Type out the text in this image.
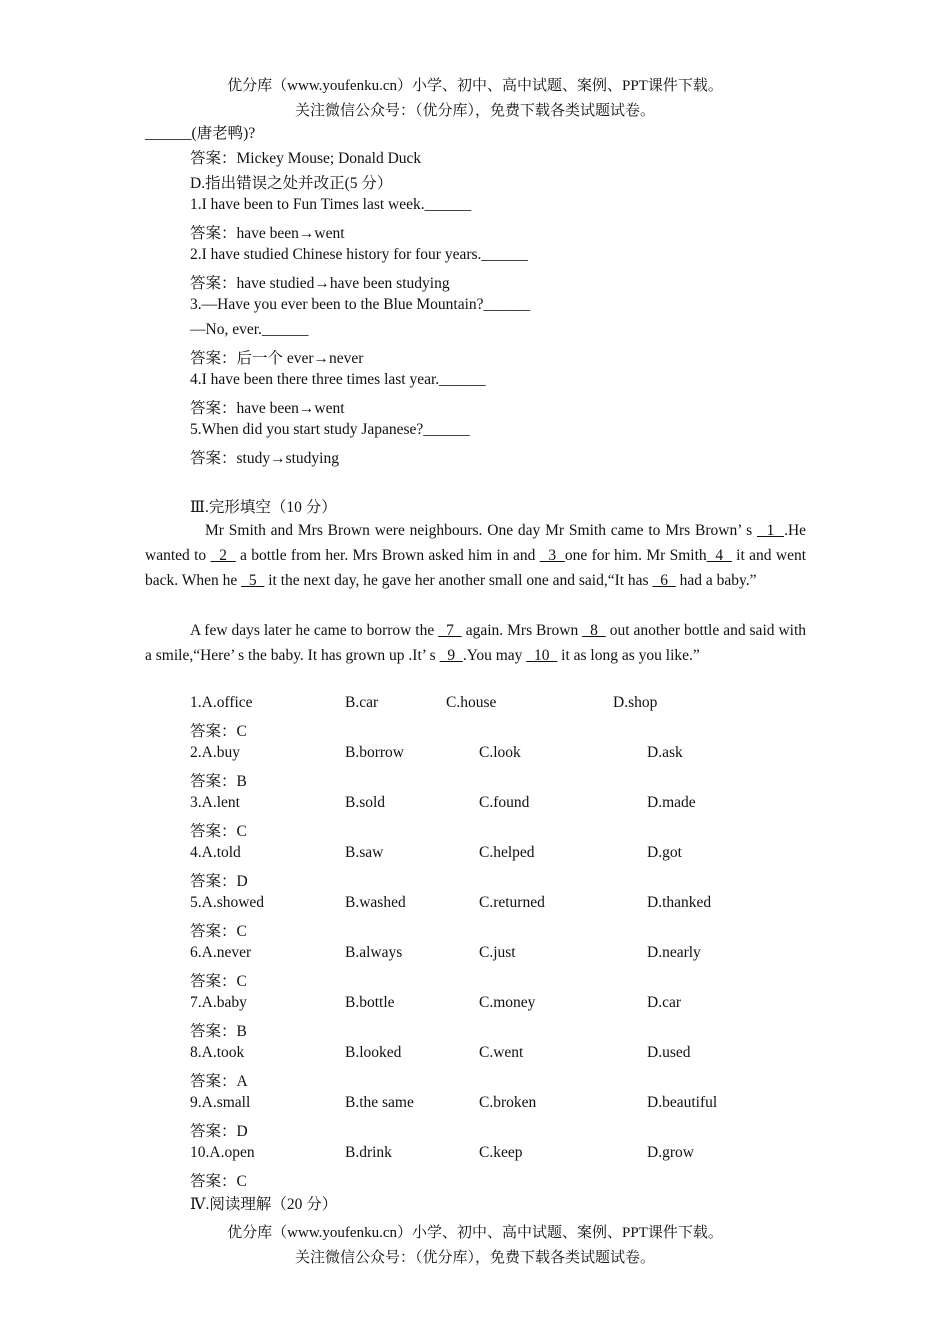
优分库（www.youfenku.cn）小学、初中、高中试题、案例、PPT课件下载。
关注微信公众号：（优分库），免费下载各类试题试卷。
______(唐老鸭)?
答案：Mickey Mouse; Donald Duck
D.指出错误之处并改正(5 分）
1.I have been to Fun Times last week.______
答案：have been→went
2.I have studied Chinese history for four years.______
答案：have studied→have been studying
3.—Have you ever been to the Blue Mountain?______
—No, ever.______
答案：后一个 ever→never
4.I have been there three times last year.______
答案：have been→went
5.When did you start study Japanese?______
答案：study→studying
Ⅲ.完形填空（10 分）
Mr Smith and Mrs Brown were neighbours. One day Mr Smith came to Mrs Brown’ s   1  .He wanted to   2   a bottle from her. Mrs Brown asked him in and   3  one for him. Mr Smith  4   it and went back. When he   5   it the next day, he gave her another small one and said,“It has   6   had a baby.”
A few days later he came to borrow the   7   again. Mrs Brown   8   out another bottle and said with a smile,“Here’ s the baby. It has grown up .It’ s   9  .You may   10   it as long as you like.”
1.A.office	B.car	C.house	D.shop
答案：C
2.A.buy	B.borrow	C.look	D.ask
答案：B
3.A.lent	B.sold	C.found	D.made
答案：C
4.A.told	B.saw	C.helped	D.got
答案：D
5.A.showed	B.washed	C.returned	D.thanked
答案：C
6.A.never	B.always	C.just	D.nearly
答案：C
7.A.baby	B.bottle	C.money	D.car
答案：B
8.A.took	B.looked	C.went	D.used
答案：A
9.A.small	B.the same	C.broken	D.beautiful
答案：D
10.A.open	B.drink	C.keep	D.grow
答案：C
Ⅳ.阅读理解（20 分）
优分库（www.youfenku.cn）小学、初中、高中试题、案例、PPT课件下载。
关注微信公众号：（优分库），免费下载各类试题试卷。
